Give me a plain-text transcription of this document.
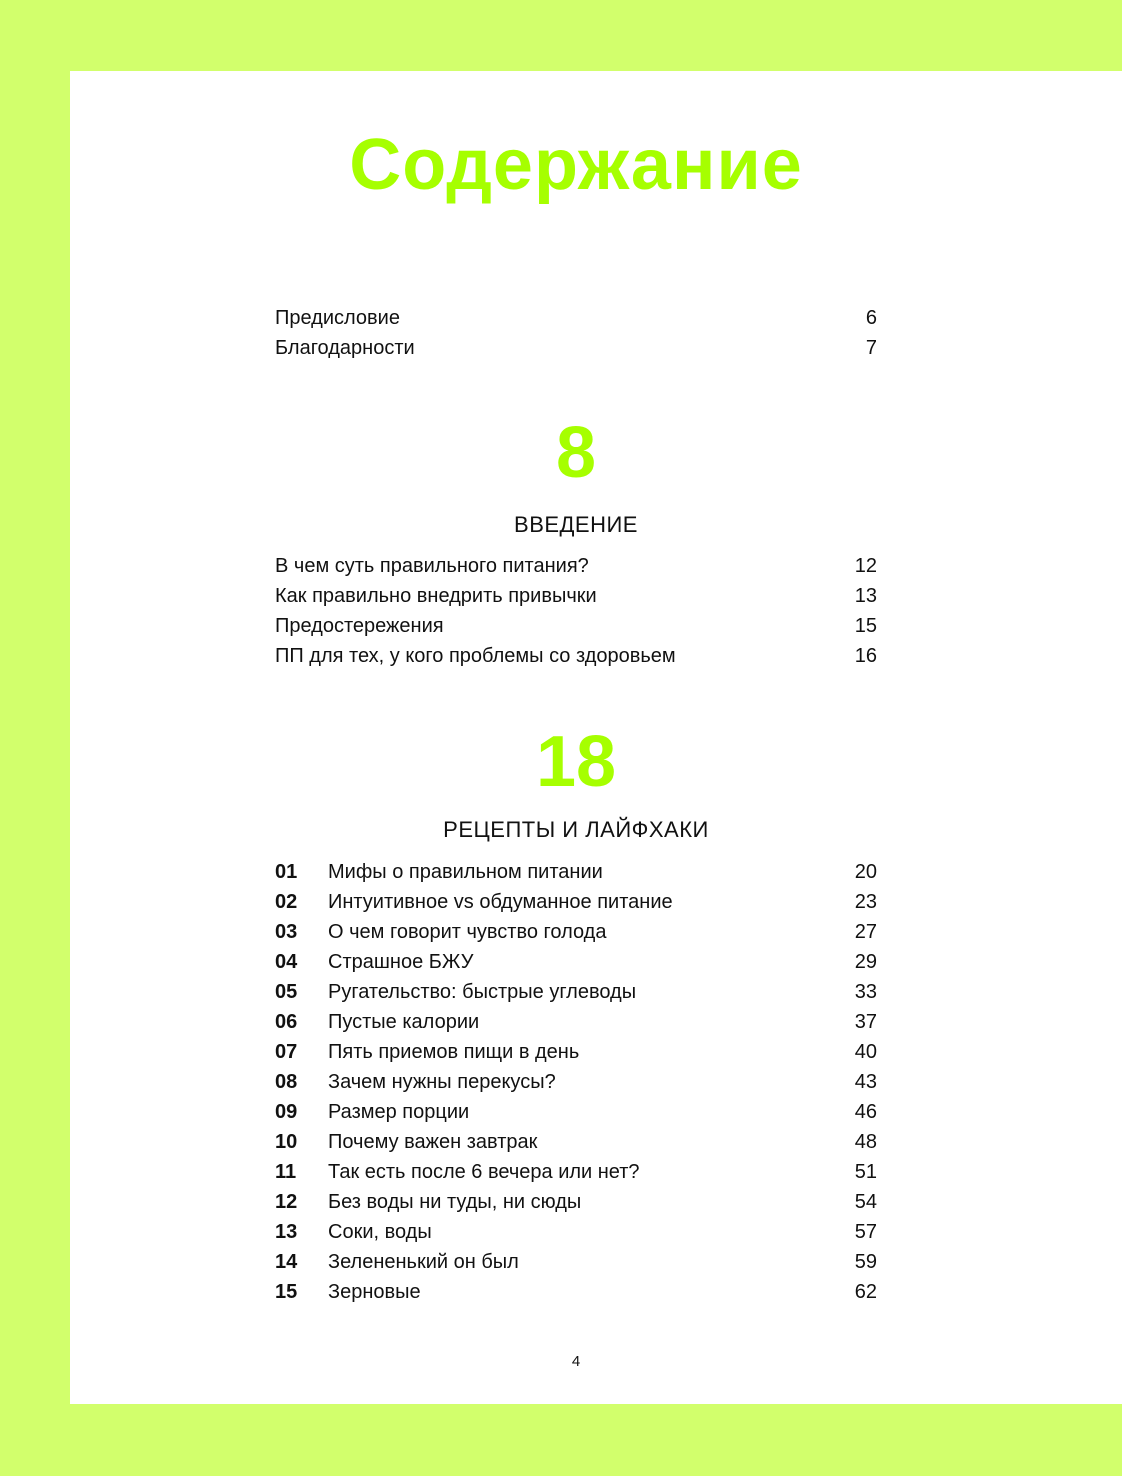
Содержание
Предисловие	6
Благодарности	7
8
ВВЕДЕНИЕ
В чем суть правильного питания?	12
Как правильно внедрить привычки	13
Предостережения	15
ПП для тех, у кого проблемы со здоровьем	16
18
РЕЦЕПТЫ И ЛАЙФХАКИ
01 Мифы о правильном питании	20
02 Интуитивное vs обдуманное питание	23
03 О чем говорит чувство голода	27
04 Страшное БЖУ	29
05 Ругательство: быстрые углеводы	33
06 Пустые калории	37
07 Пять приемов пищи в день	40
08 Зачем нужны перекусы?	43
09 Размер порции	46
10 Почему важен завтрак	48
11 Так есть после 6 вечера или нет?	51
12 Без воды ни туды, ни сюды	54
13 Соки, воды	57
14 Зелененький он был	59
15 Зерновые	62
4
